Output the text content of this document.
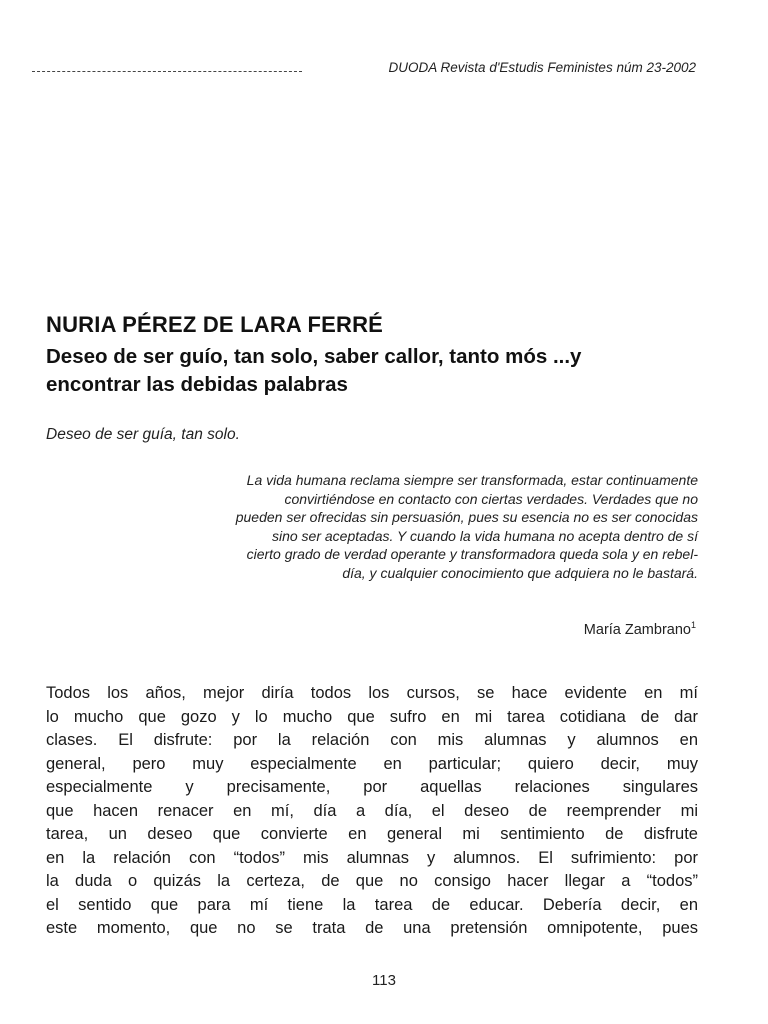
DUODA Revista d'Estudis Feministes núm 23-2002
NURIA PÉREZ DE LARA FERRÉ
Deseo de ser guío, tan solo, saber callor, tanto mós ...y
encontrar las debidas palabras
Deseo de ser guía, tan solo.
La vida humana reclama siempre ser transformada, estar continuamente
convirtiéndose en contacto con ciertas verdades. Verdades que no
pueden ser ofrecidas sin persuasión, pues su esencia no es ser conocidas
sino ser aceptadas. Y cuando la vida humana no acepta dentro de sí
cierto grado de verdad operante y transformadora queda sola y en rebel-
día, y cualquier conocimiento que adquiera no le bastará.
María Zambrano$^1$
Todos los años, mejor diría todos los cursos, se hace evidente en mí
lo mucho que gozo y lo mucho que sufro en mi tarea cotidiana de dar
clases. El disfrute: por la relación con mis alumnas y alumnos en
general, pero muy especialmente en particular; quiero decir, muy
especialmente y precisamente, por aquellas relaciones singulares
que hacen renacer en mí, día a día, el deseo de reemprender mi
tarea, un deseo que convierte en general mi sentimiento de disfrute
en la relación con “todos” mis alumnas y alumnos. El sufrimiento: por
la duda o quizás la certeza, de que no consigo hacer llegar a “todos”
el sentido que para mí tiene la tarea de educar. Debería decir, en
este momento, que no se trata de una pretensión omnipotente, pues
113
